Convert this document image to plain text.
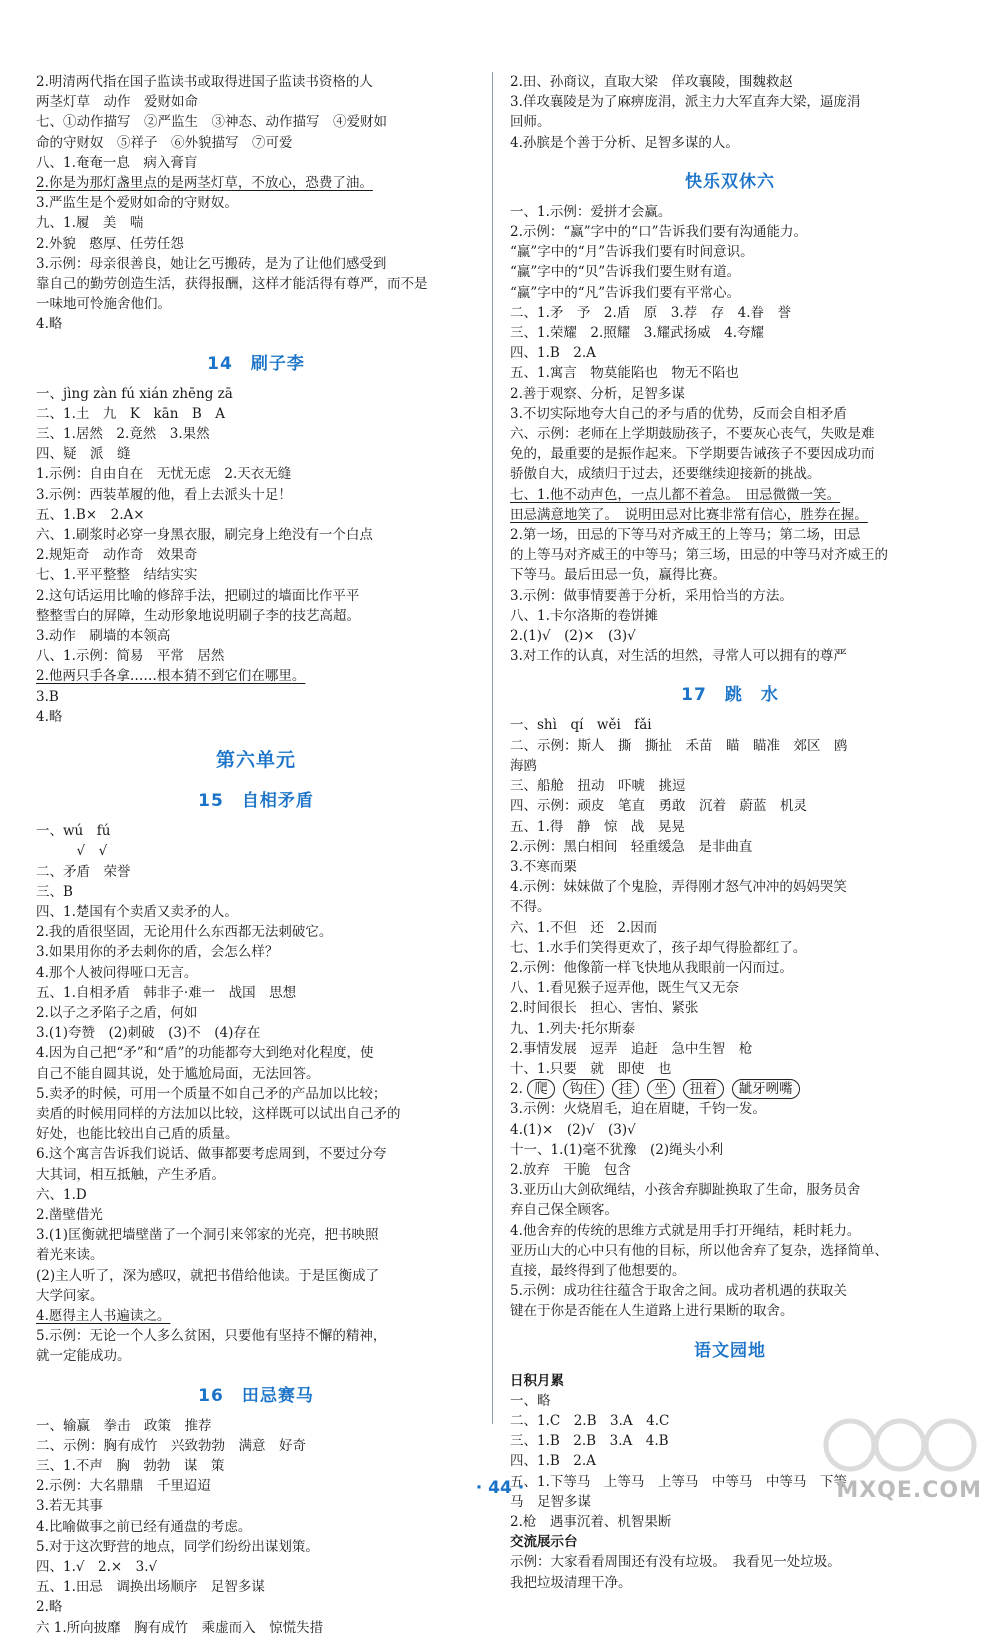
2.明清两代指在国子监读书或取得进国子监读书资格的人
两茎灯草　动作　爱财如命
七、①动作描写　②严监生　③神态、动作描写　④爱财如
命的守财奴　⑤祥子　⑥外貌描写　⑦可爱
八、1.奄奄一息　病入膏肓
2.你是为那灯盏里点的是两茎灯草，不放心，恐费了油。
3.严监生是个爱财如命的守财奴。
九、1.履　美　喘
2.外貌　憨厚、任劳任怨
3.示例：母亲很善良，她让乞丐搬砖，是为了让他们感受到
靠自己的勤劳创造生活，获得报酬，这样才能活得有尊严，而不是
一味地可怜施舍他们。
4.略
14　刷子李
一、jìng zàn fú xián zhēng zā
二、1.土　九　K　kān　B　A
三、1.居然　2.竟然　3.果然
四、疑　派　缝
1.示例：自由自在　无忧无虑　2.天衣无缝
3.示例：西装革履的他，看上去派头十足！
五、1.B×　2.A×
六、1.刷浆时必穿一身黑衣服，刷完身上绝没有一个白点
2.规矩奇　动作奇　效果奇
七、1.平平整整　结结实实
2.这句话运用比喻的修辞手法，把刷过的墙面比作平平
整整雪白的屏障，生动形象地说明刷子李的技艺高超。
3.动作　刷墙的本领高
八、1.示例：简易　平常　居然
2.他两只手各拿……根本猜不到它们在哪里。
3.B
4.略
第六单元
15　自相矛盾
一、wú　fú
　　　√　√
二、矛盾　荣誉
三、B
四、1.楚国有个卖盾又卖矛的人。
2.我的盾很坚固，无论用什么东西都无法刺破它。
3.如果用你的矛去刺你的盾，会怎么样？
4.那个人被问得哑口无言。
五、1.自相矛盾　韩非子·难一　战国　思想
2.以子之矛陷子之盾，何如
3.(1)夸赞　(2)刺破　(3)不　(4)存在
4.因为自己把“矛”和“盾”的功能都夸大到绝对化程度，使
自己不能自圆其说，处于尴尬局面，无法回答。
5.卖矛的时候，可用一个质量不如自己矛的产品加以比较；
卖盾的时候用同样的方法加以比较，这样既可以试出自己矛的
好处，也能比较出自己盾的质量。
6.这个寓言告诉我们说话、做事都要考虑周到，不要过分夸
大其词，相互抵触，产生矛盾。
六、1.D
2.凿壁借光
3.(1)匡衡就把墙壁凿了一个洞引来邻家的光亮，把书映照
着光来读。
(2)主人听了，深为感叹，就把书借给他读。于是匡衡成了
大学问家。
4.愿得主人书遍读之。
5.示例：无论一个人多么贫困，只要他有坚持不懈的精神，
就一定能成功。
16　田忌赛马
一、输赢　拳击　政策　推荐
二、示例：胸有成竹　兴致勃勃　满意　好奇
三、1.不声　胸　勃勃　谋　策
2.示例：大名鼎鼎　千里迢迢
3.若无其事
4.比喻做事之前已经有通盘的考虑。
5.对于这次野营的地点，同学们纷纷出谋划策。
四、1.√　2.×　3.√
五、1.田忌　调换出场顺序　足智多谋
2.略
六 1.所向披靡　胸有成竹　乘虚而入　惊慌失措
2.田、孙商议，直取大梁　佯攻襄陵，围魏救赵
3.佯攻襄陵是为了麻痹庞涓，派主力大军直奔大梁，逼庞涓
回师。
4.孙膑是个善于分析、足智多谋的人。
快乐双休六
一、1.示例：爱拼才会赢。
2.示例：“赢”字中的“口”告诉我们要有沟通能力。
“赢”字中的“月”告诉我们要有时间意识。
“赢”字中的“贝”告诉我们要生财有道。
“赢”字中的“凡”告诉我们要有平常心。
二、1.矛　予　2.盾　原　3.荐　存　4.眷　誉
三、1.荣耀　2.照耀　3.耀武扬威　4.夸耀
四、1.B　2.A
五、1.寓言　物莫能陷也　物无不陷也
2.善于观察、分析，足智多谋
3.不切实际地夸大自己的矛与盾的优势，反而会自相矛盾
六、示例：老师在上学期鼓励孩子，不要灰心丧气，失败是难
免的，最重要的是振作起来。下学期要告诫孩子不要因成功而
骄傲自大，成绩归于过去，还要继续迎接新的挑战。
七、1.他不动声色，一点儿都不着急。　田忌微微一笑。
田忌满意地笑了。　说明田忌对比赛非常有信心，胜券在握。
2.第一场，田忌的下等马对齐威王的上等马；第二场，田忌
的上等马对齐威王的中等马；第三场，田忌的中等马对齐威王的
下等马。最后田忌一负，赢得比赛。
3.示例：做事情要善于分析，采用恰当的方法。
八、1.卡尔洛斯的卷饼摊
2.(1)√　(2)×　(3)√
3.对工作的认真，对生活的坦然，寻常人可以拥有的尊严
17　跳　水
一、shì　qí　wěi　fǎi
二、示例：斯人　撕　撕扯　禾苗　瞄　瞄准　郊区　鸥
海鸥
三、船舱　扭动　吓唬　挑逗
四、示例：顽皮　笔直　勇敢　沉着　蔚蓝　机灵
五、1.得　静　惊　战　晃晃
2.示例：黑白相间　轻重缓急　是非曲直
3.不寒而栗
4.示例：妹妹做了个鬼脸，弄得刚才怒气冲冲的妈妈哭笑
不得。
六、1.不但　还　2.因而
七、1.水手们笑得更欢了，孩子却气得脸都红了。
2.示例：他像箭一样飞快地从我眼前一闪而过。
八、1.看见猴子逗弄他，既生气又无奈
2.时间很长　担心、害怕、紧张
九、1.列夫·托尔斯泰
2.事情发展　逗弄　追赶　急中生智　枪
十、1.只要　就　即使　也
2. 爬 钩住 挂 坐 扭着 龇牙咧嘴
3.示例：火烧眉毛，迫在眉睫，千钧一发。
4.(1)×　(2)√　(3)√
十一、1.(1)毫不犹豫　(2)绳头小利
2.放弃　干脆　包含
3.亚历山大剑砍绳结，小孩舍弃脚趾换取了生命，服务员舍
弃自己保全顾客。
4.他舍弃的传统的思维方式就是用手打开绳结，耗时耗力。
亚历山大的心中只有他的目标，所以他舍弃了复杂，选择简单、
直接，最终得到了他想要的。
5.示例：成功往往蕴含于取舍之间。成功者机遇的获取关
键在于你是否能在人生道路上进行果断的取舍。
语文园地
日积月累
一、略
二、1.C　2.B　3.A　4.C
三、1.B　2.B　3.A　4.B
四、1.B　2.A
五、1.下等马　上等马　上等马　中等马　中等马　下等
马　足智多谋
2.枪　遇事沉着、机智果断
交流展示台
示例：大家看看周围还有没有垃圾。　我看见一处垃圾。
我把垃圾清理干净。
· 44 ·	MXQE.COM
